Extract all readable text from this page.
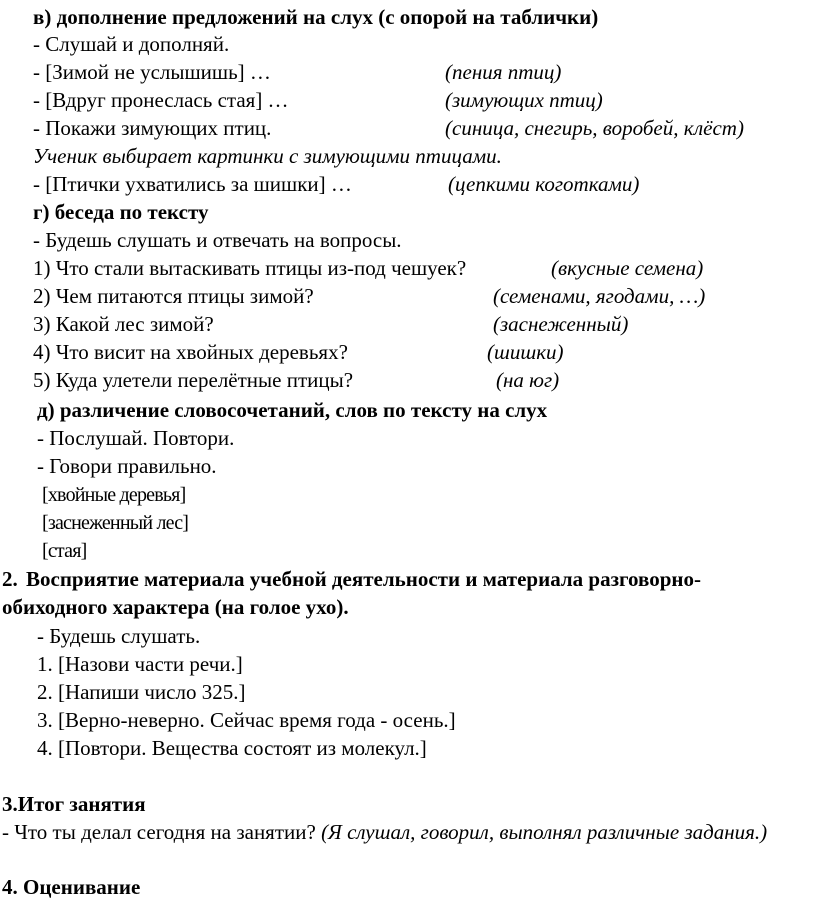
в) дополнение предложений на слух (с опорой на таблички)
- Слушай и дополняй.
- [Зимой не услышишь] …	(пения птиц)
- [Вдруг пронеслась стая] …	(зимующих птиц)
- Покажи зимующих птиц.	(синица, снегирь, воробей, клёст)
Ученик выбирает картинки с зимующими птицами.
- [Птички ухватились за шишки] …	(цепкими коготками)
г) беседа по тексту
- Будешь слушать и отвечать на вопросы.
1) Что стали вытаскивать птицы из-под чешуек?	(вкусные семена)
2) Чем питаются птицы зимой?	(семенами, ягодами, …)
3) Какой лес зимой?	(заснеженный)
4) Что висит на хвойных деревьях?	(шишки)
5) Куда улетели перелётные птицы?	(на юг)
д) различение словосочетаний, слов по тексту на слух
- Послушай. Повтори.
- Говори правильно.
[хвойные деревья]
[заснеженный лес]
[стая]
2. Восприятие материала учебной деятельности и материала разговорно-
обиходного характера (на голое ухо).
- Будешь слушать.
1. [Назови части речи.]
2. [Напиши число 325.]
3. [Верно-неверно. Сейчас время года - осень.]
4. [Повтори. Вещества состоят из молекул.]
3.Итог занятия
- Что ты делал сегодня на занятии? (Я слушал, говорил, выполнял различные задания.)
4. Оценивание
